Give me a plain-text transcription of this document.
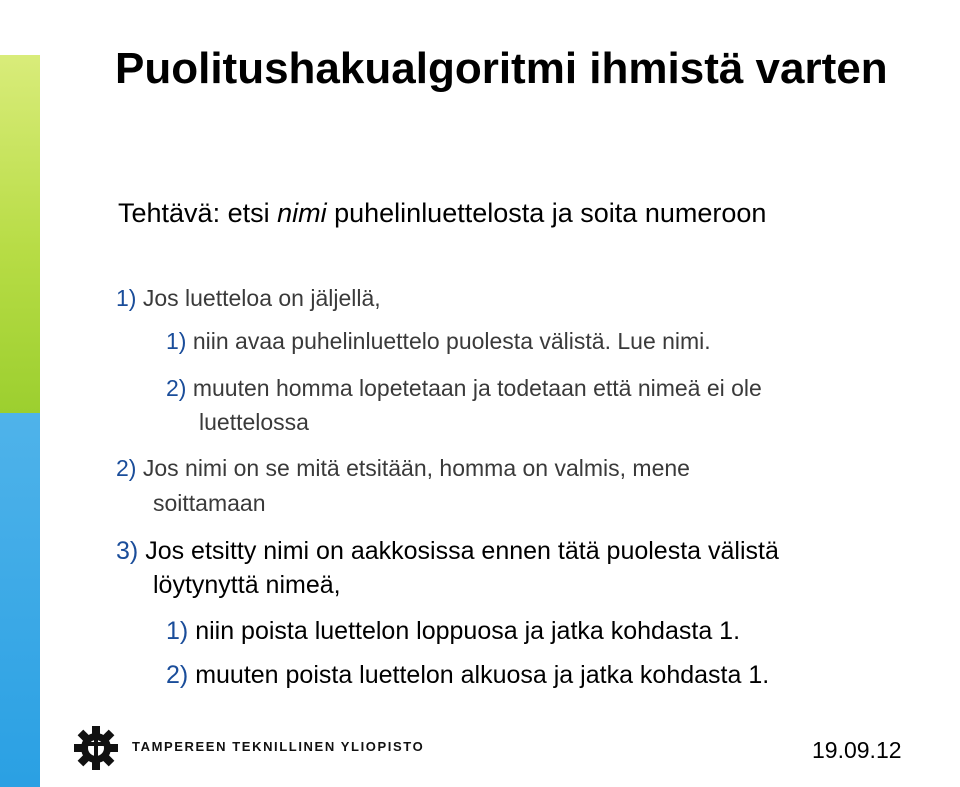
Puolitushakualgoritmi ihmistä varten
Tehtävä: etsi nimi puhelinluettelosta ja soita numeroon
1) Jos luetteloa on jäljellä,
1) niin avaa puhelinluettelo puolesta välistä. Lue nimi.
2) muuten homma lopetetaan ja todetaan että nimeä ei ole
luettelossa
2) Jos nimi on se mitä etsitään, homma on valmis, mene
soittamaan
3) Jos etsitty nimi on aakkosissa ennen tätä puolesta välistä
löytynyttä nimeä,
1) niin poista luettelon loppuosa ja jatka kohdasta 1.
2) muuten poista luettelon alkuosa ja jatka kohdasta 1.
TAMPEREEN TEKNILLINEN YLIOPISTO	19.09.12
